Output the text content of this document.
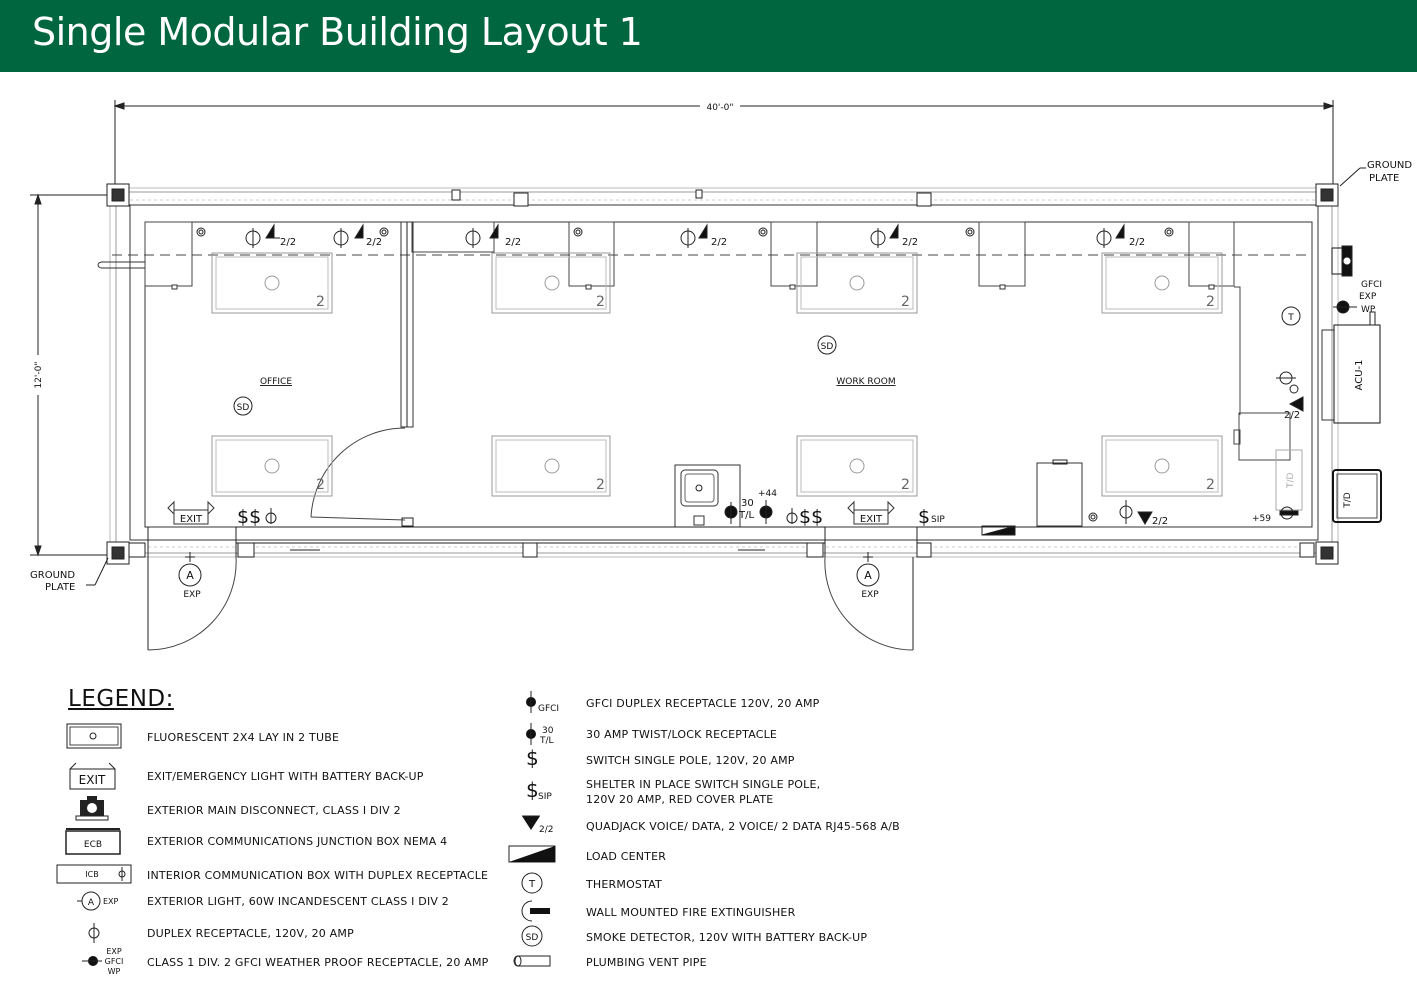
Single Modular Building Layout 1
40'-0"
12'-0"
GROUND
PLATE
GROUND
PLATE
OFFICE	WORK ROOM
2	2	2	2
2	2	2	2
2/2	2/2	2/2	2/2	2/2	2/2
2/2
2/2
T/D
SD
SD
T
+59
ACU-1
GFCI
EXP
WP
T/D
EXIT $$	EXIT
$$	$ SIP
30
T/L
+44
A
EXP
A
EXP
LEGEND:
EXIT
ECB
ICB
A EXP
EXP
GFCI
WP
FLUORESCENT 2X4 LAY IN 2 TUBE
EXIT/EMERGENCY LIGHT WITH BATTERY BACK-UP
EXTERIOR MAIN DISCONNECT, CLASS I DIV 2
EXTERIOR COMMUNICATIONS JUNCTION BOX NEMA 4
INTERIOR COMMUNICATION BOX WITH DUPLEX RECEPTACLE
EXTERIOR LIGHT, 60W INCANDESCENT CLASS I DIV 2
DUPLEX RECEPTACLE, 120V, 20 AMP
CLASS 1 DIV. 2 GFCI WEATHER PROOF RECEPTACLE, 20 AMP
GFCI
30
T/L
$
$ SIP
2/2
T
SD
GFCI DUPLEX RECEPTACLE 120V, 20 AMP
30 AMP TWIST/LOCK RECEPTACLE
SWITCH SINGLE POLE, 120V, 20 AMP
SHELTER IN PLACE SWITCH SINGLE POLE,
120V 20 AMP, RED COVER PLATE
QUADJACK VOICE/ DATA, 2 VOICE/ 2 DATA RJ45-568 A/B
LOAD CENTER
THERMOSTAT
WALL MOUNTED FIRE EXTINGUISHER
SMOKE DETECTOR, 120V WITH BATTERY BACK-UP
PLUMBING VENT PIPE
